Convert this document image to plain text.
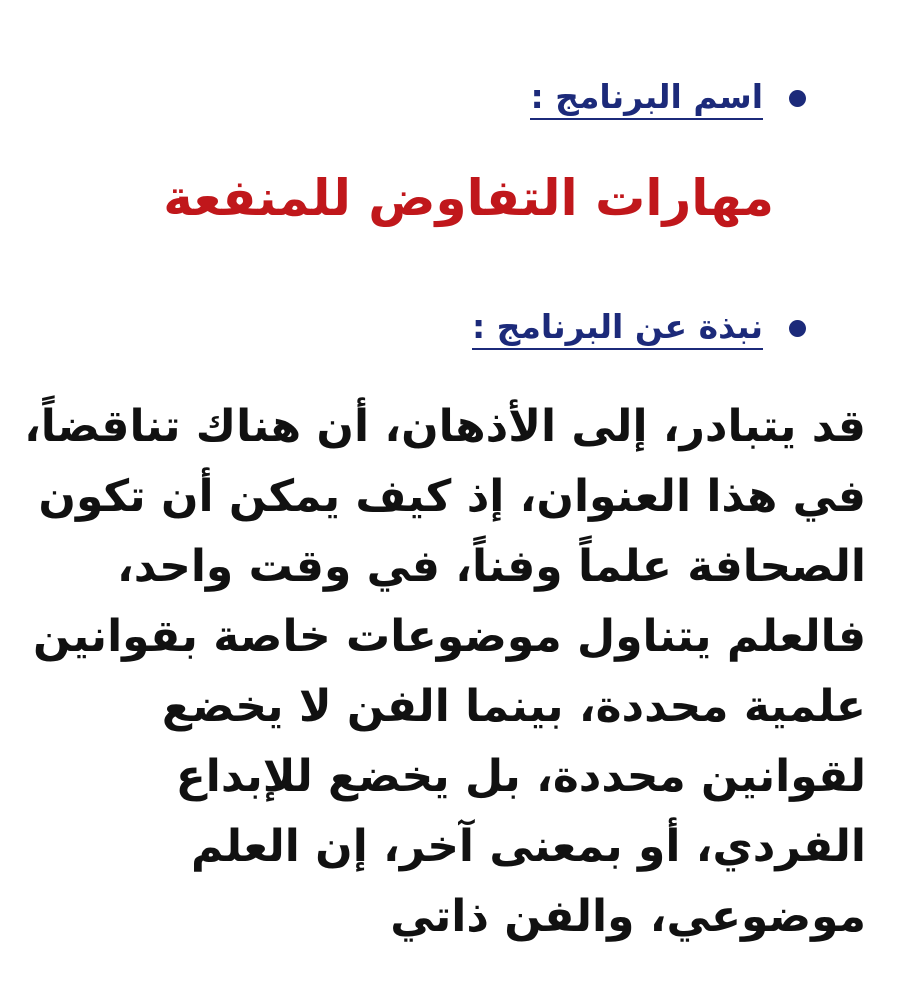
اسم البرنامج :
مهارات التفاوض للمنفعة
نبذة عن البرنامج :
قد يتبادر، إلى الأذهان، أن هناك تناقضاً،
في هذا العنوان، إذ كيف يمكن أن تكون
الصحافة علماً وفناً، في وقت واحد،
فالعلم يتناول موضوعات خاصة بقوانين
علمية محددة، بينما الفن لا يخضع
لقوانين محددة، بل يخضع للإبداع
الفردي، أو بمعنى آخر، إن العلم
موضوعي، والفن ذاتي
